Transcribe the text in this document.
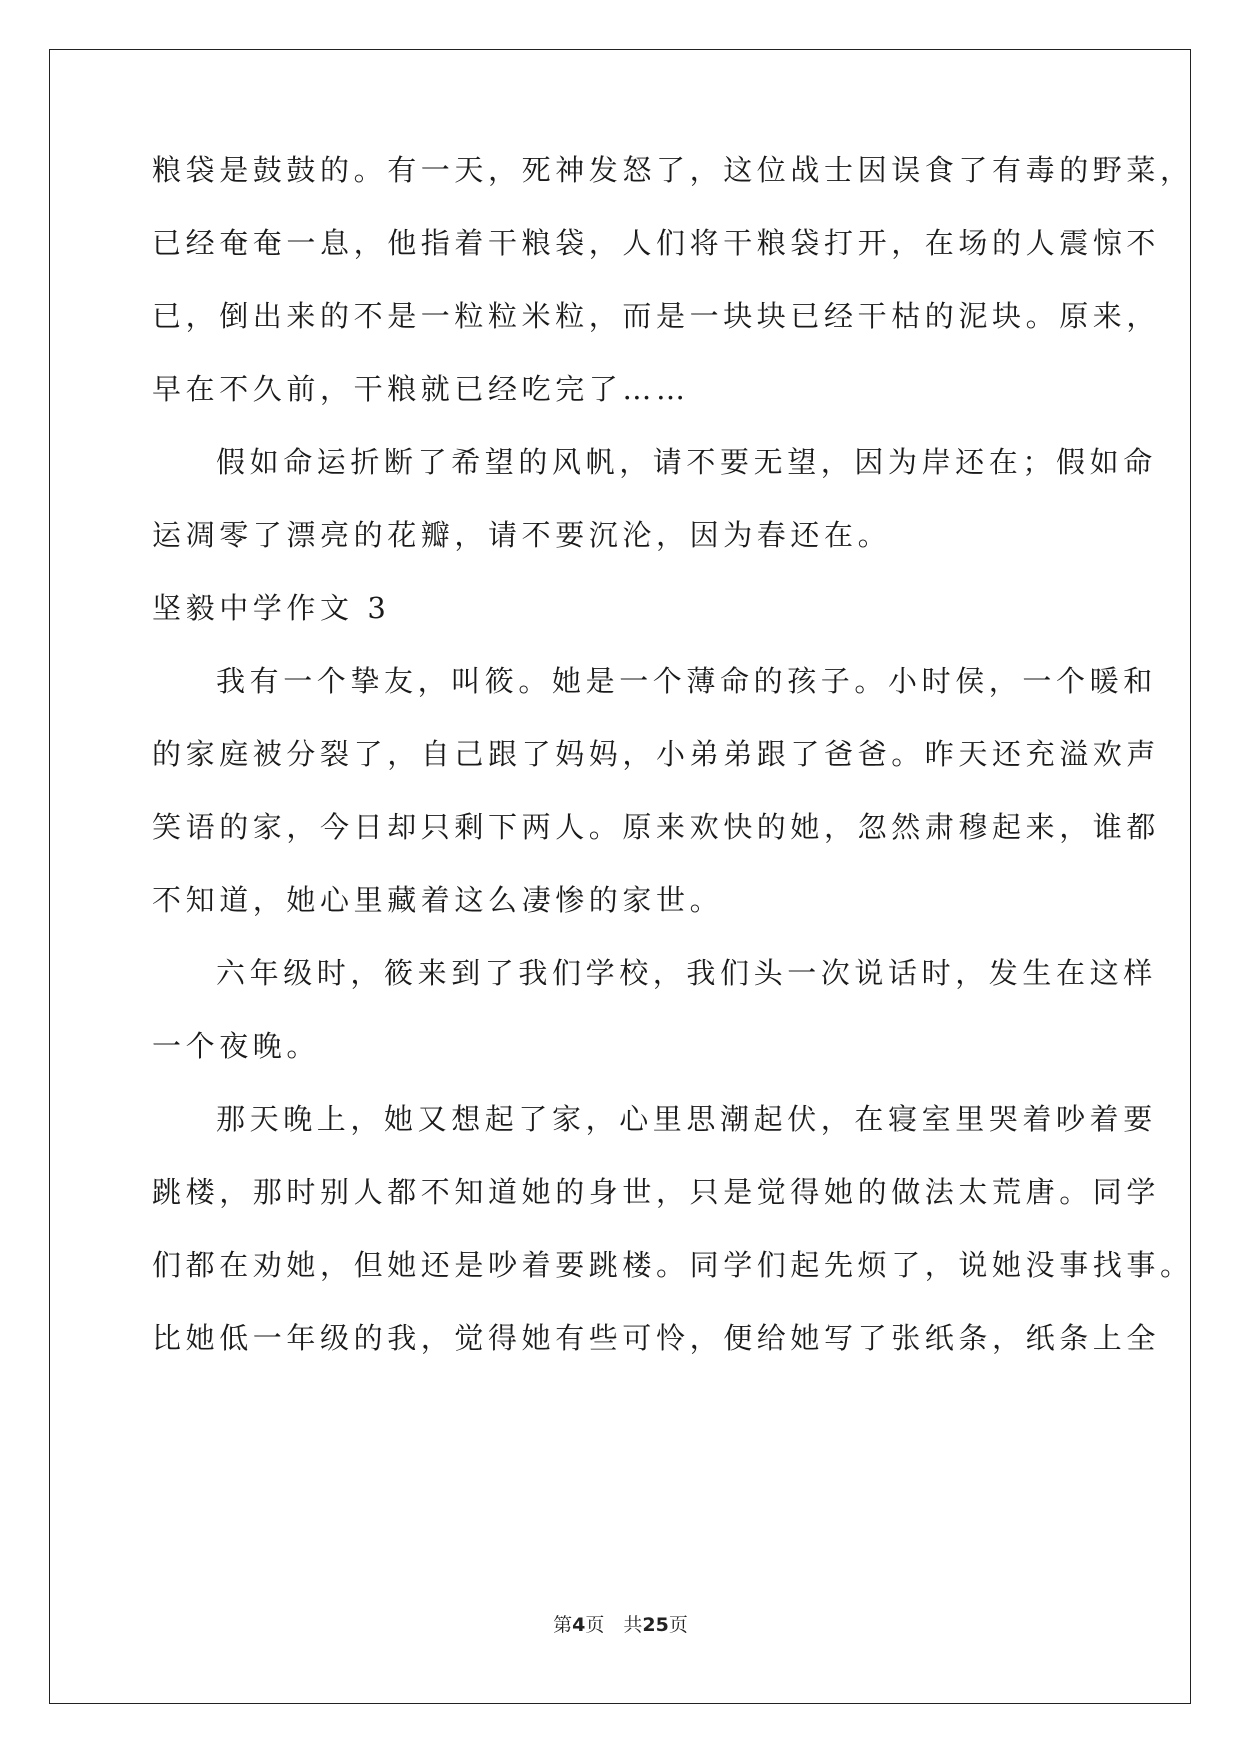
粮袋是鼓鼓的。有一天，死神发怒了，这位战士因误食了有毒的野菜，
已经奄奄一息，他指着干粮袋，人们将干粮袋打开，在场的人震惊不
已，倒出来的不是一粒粒米粒，而是一块块已经干枯的泥块。原来，
早在不久前，干粮就已经吃完了……
假如命运折断了希望的风帆，请不要无望，因为岸还在；假如命
运凋零了漂亮的花瓣，请不要沉沦，因为春还在。
坚毅中学作文 3
我有一个挚友，叫筱。她是一个薄命的孩子。小时侯，一个暖和
的家庭被分裂了，自己跟了妈妈，小弟弟跟了爸爸。昨天还充溢欢声
笑语的家，今日却只剩下两人。原来欢快的她，忽然肃穆起来，谁都
不知道，她心里藏着这么凄惨的家世。
六年级时，筱来到了我们学校，我们头一次说话时，发生在这样
一个夜晚。
那天晚上，她又想起了家，心里思潮起伏，在寝室里哭着吵着要
跳楼，那时别人都不知道她的身世，只是觉得她的做法太荒唐。同学
们都在劝她，但她还是吵着要跳楼。同学们起先烦了，说她没事找事。
比她低一年级的我，觉得她有些可怜，便给她写了张纸条，纸条上全
第4页　共25页
